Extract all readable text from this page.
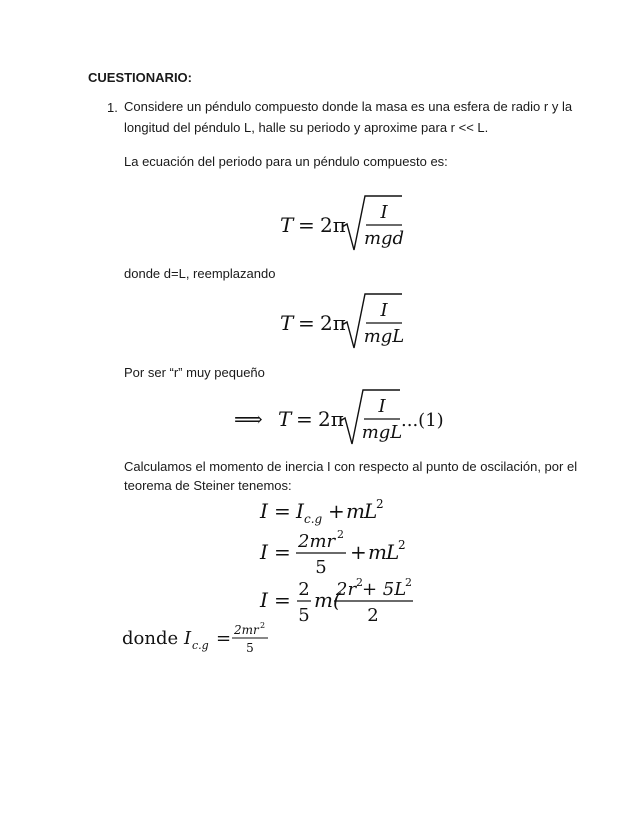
CUESTIONARIO:
1. Considere un péndulo compuesto donde la masa es una esfera de radio r y la
longitud del péndulo L, halle su periodo y aproxime para r << L.
La ecuación del periodo para un péndulo compuesto es:
T = 2π
I
mgd
donde d=L, reemplazando
T = 2π
I
mgL
Por ser “r” muy pequeño
⟹ T = 2π
I
mgL
...(1)
Calculamos el momento de inercia I con respecto al punto de oscilación, por el
teorema de Steiner tenemos:
I = I c.g + m L
2
I = 2mr 2
5
+ m L
2
I = 2
5
m(
2r 2 + 5L
2
2
donde I c.g = 2mr 2
5
